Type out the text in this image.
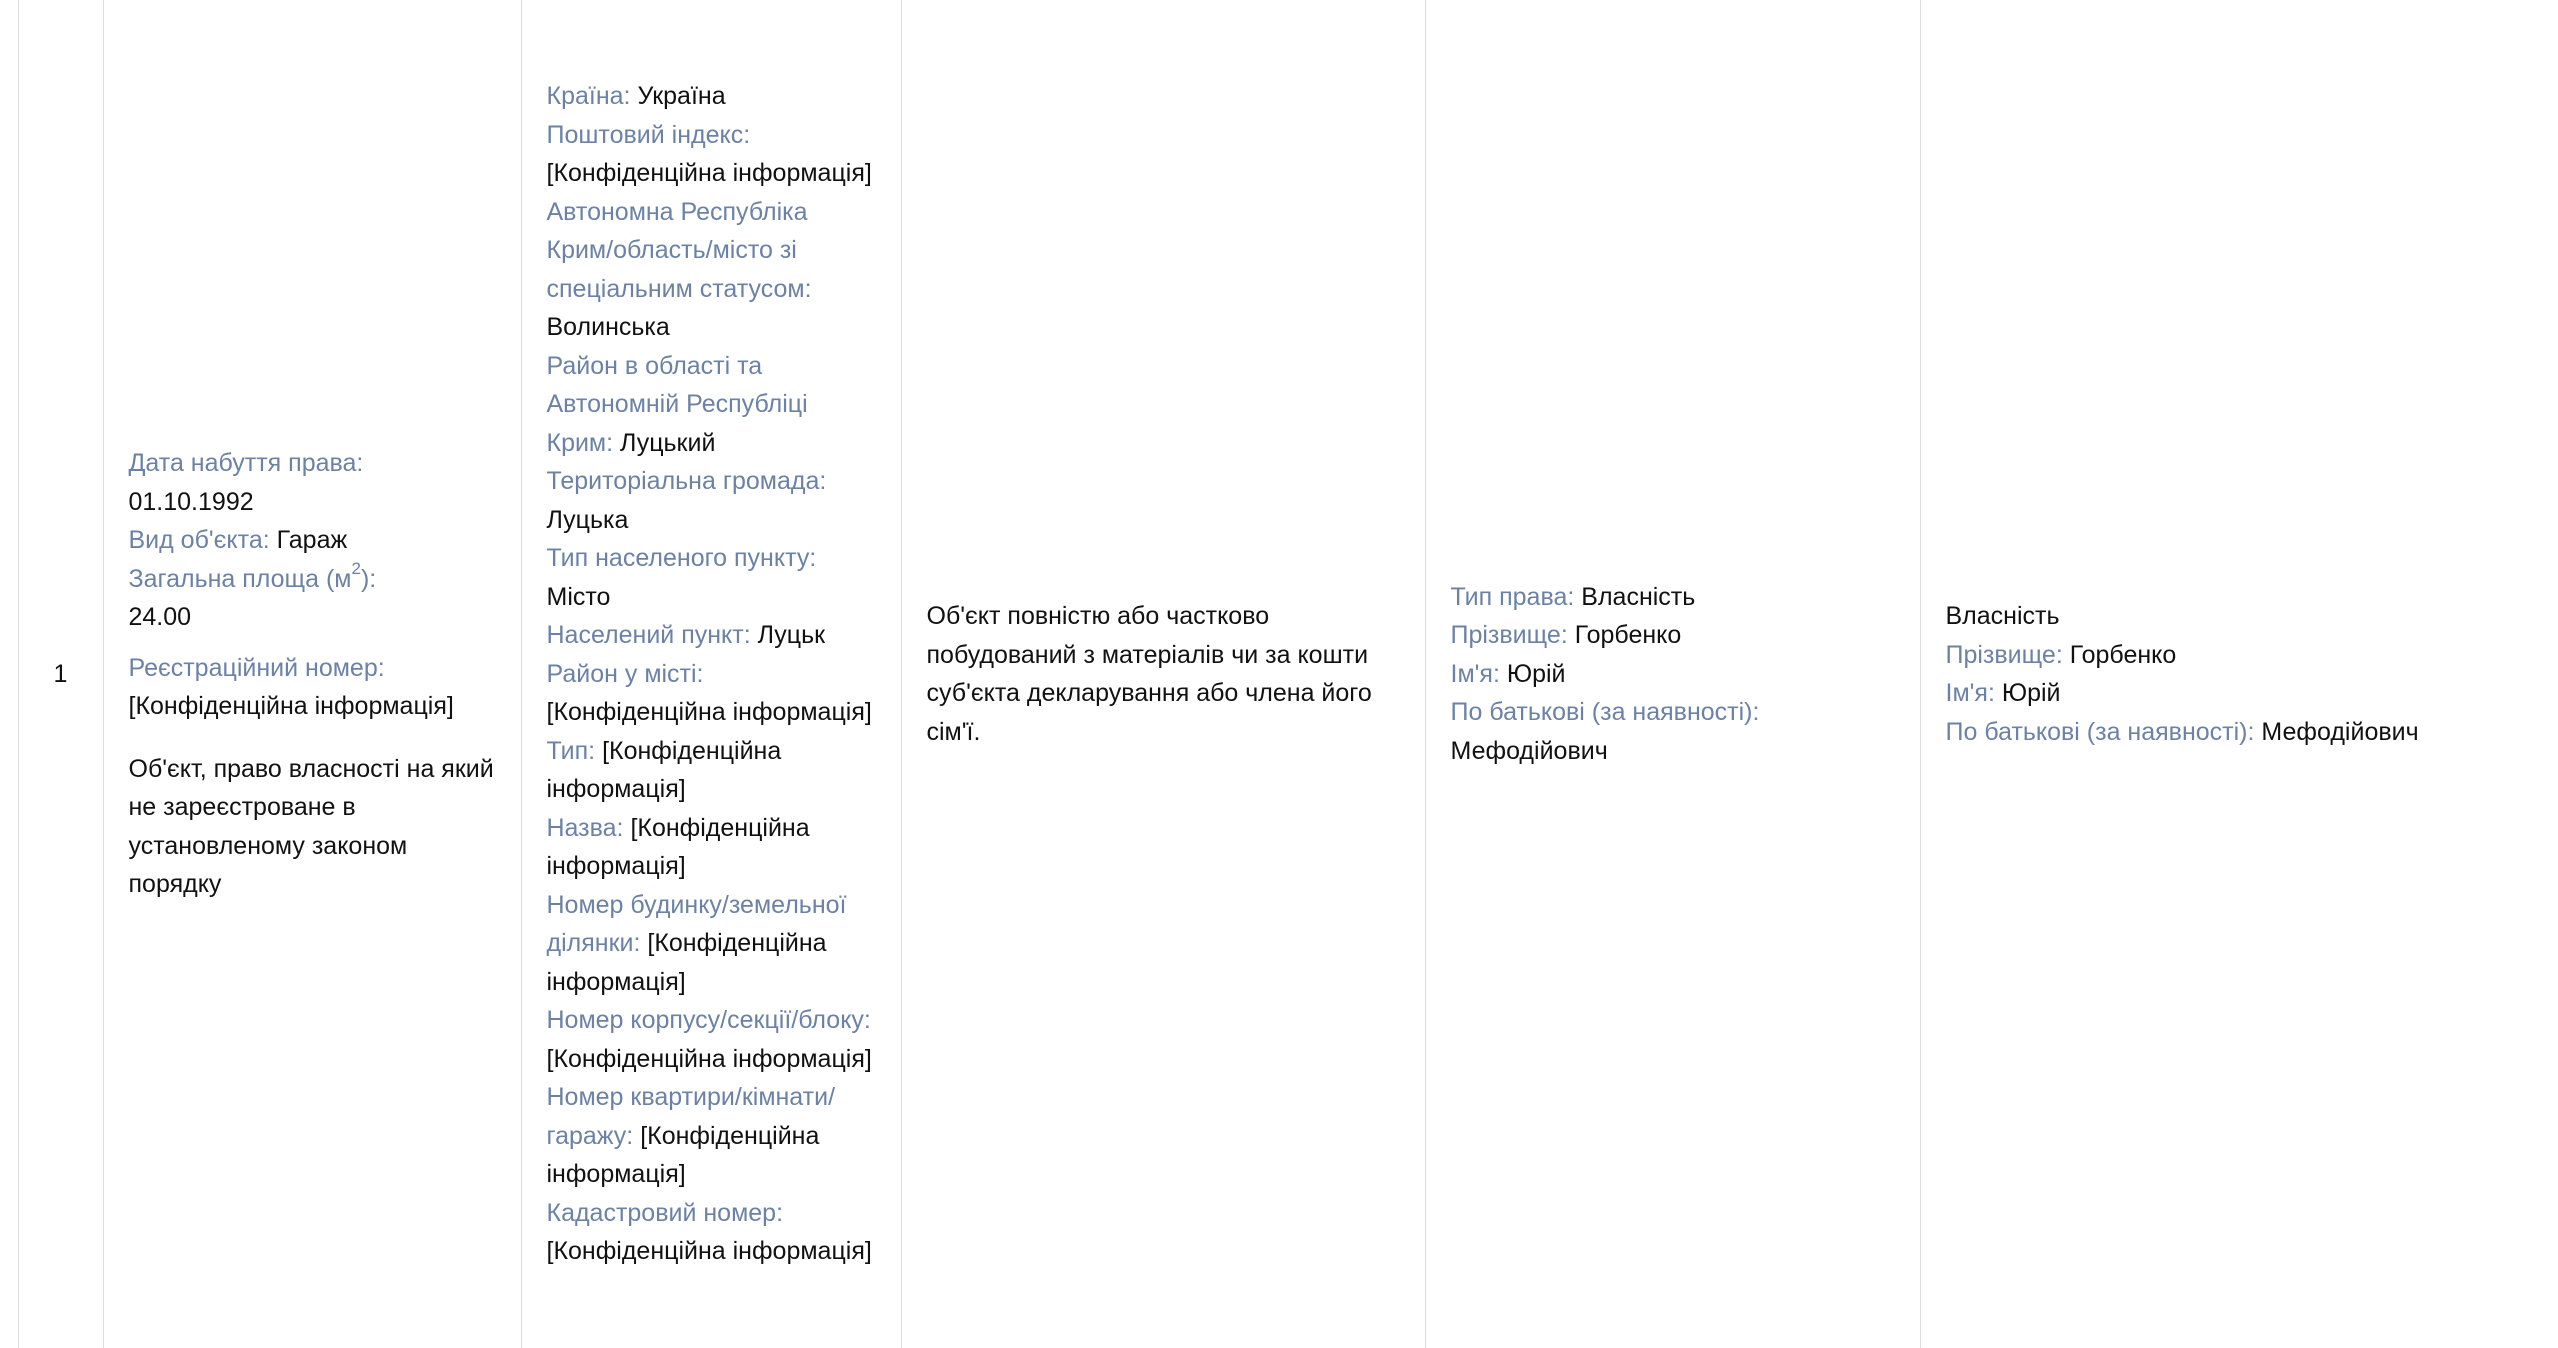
	1	
Дата набуття права:
01.10.1992
Вид об'єкта: Гараж
Загальна площа $(м^2)$:
24.00
Реєстраційний номер:
[Конфіденційна інформація]
Об'єкт, право власності на який не зареєстроване в установленому законом порядку

Країна: Україна
Поштовий індекс: [Конфіденційна інформація]
Автономна Республіка Крим/область/місто зі спеціальним статусом: Волинська
Район в області та Автономній Республіці Крим: Луцький
Територіальна громада: Луцька
Тип населеного пункту: Місто
Населений пункт: Луцьк
Район у місті: [Конфіденційна інформація]
Тип: [Конфіденційна інформація]
Назва: [Конфіденційна інформація]
Номер будинку/земельної ділянки: [Конфіденційна інформація]
Номер корпусу/секції/блоку: [Конфіденційна інформація]
Номер квартири/кімнати/гаражу: [Конфіденційна інформація]
Кадастровий номер: [Конфіденційна інформація]

Об'єкт повністю або частково побудований з матеріалів чи за кошти суб'єкта декларування або члена його сім'ї.

Тип права: Власність
Прізвище: Горбенко
Ім'я: Юрій
По батькові (за наявності): Мефодійович

Власність
Прізвище: Горбенко
Ім'я: Юрій
По батькові (за наявності): Мефодійович
